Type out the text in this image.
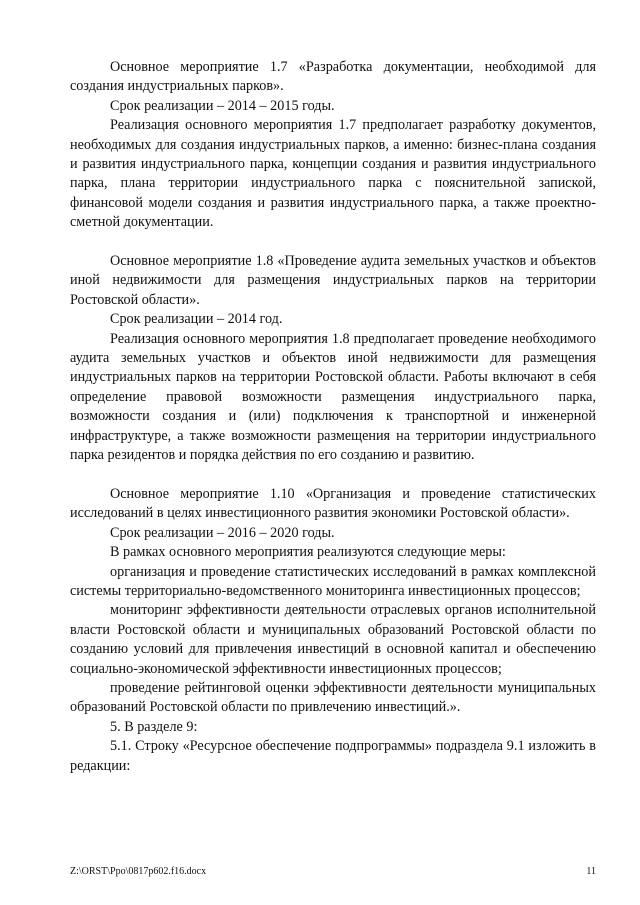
Основное мероприятие 1.7 «Разработка документации, необходимой для создания индустриальных парков».

Срок реализации – 2014 – 2015 годы.

Реализация основного мероприятия 1.7 предполагает разработку документов, необходимых для создания индустриальных парков, а именно: бизнес-плана создания и развития индустриального парка, концепции создания и развития индустриального парка, плана территории индустриального парка с пояснительной запиской, финансовой модели создания и развития индустриального парка, а также проектно-сметной документации.

Основное мероприятие 1.8 «Проведение аудита земельных участков и объектов иной недвижимости для размещения индустриальных парков на территории Ростовской области».

Срок реализации – 2014 год.

Реализация основного мероприятия 1.8 предполагает проведение необходимого аудита земельных участков и объектов иной недвижимости для размещения индустриальных парков на территории Ростовской области. Работы включают в себя определение правовой возможности размещения индустриального парка, возможности создания и (или) подключения к транспортной и инженерной инфраструктуре, а также возможности размещения на территории индустриального парка резидентов и порядка действия по его созданию и развитию.

Основное мероприятие 1.10 «Организация и проведение статистических исследований в целях инвестиционного развития экономики Ростовской области».

Срок реализации – 2016 – 2020 годы.

В рамках основного мероприятия реализуются следующие меры:

организация и проведение статистических исследований в рамках комплексной системы территориально-ведомственного мониторинга инвестиционных процессов;

мониторинг эффективности деятельности отраслевых органов исполнительной власти Ростовской области и муниципальных образований Ростовской области по созданию условий для привлечения инвестиций в основной капитал и обеспечению социально-экономической эффективности инвестиционных процессов;

проведение рейтинговой оценки эффективности деятельности муниципальных образований Ростовской области по привлечению инвестиций.».

5. В разделе 9:

5.1. Строку «Ресурсное обеспечение подпрограммы» подраздела 9.1 изложить в редакции:

Z:\ORST\Ppo\0817p602.f16.docx	11
